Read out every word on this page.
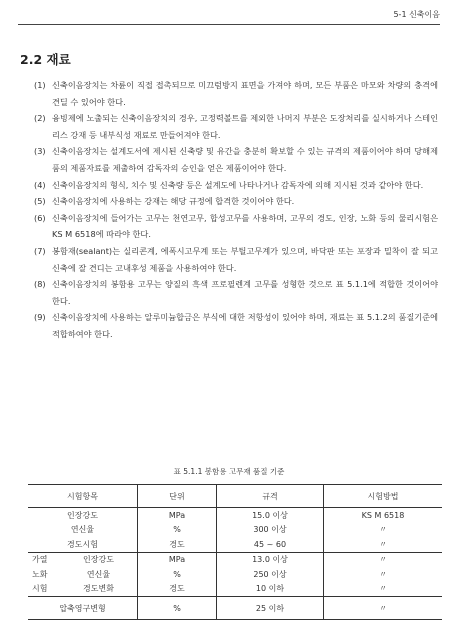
5-1 신축이음
2.2 재료
(1) 신축이음장치는 차륜이 직접 접촉되므로 미끄럼방지 표면을 가져야 하며, 모든 부품은 마모와 차량의 충격에 견딜 수 있어야 한다.
(2) 융빙제에 노출되는 신축이음장치의 경우, 고정력볼트를 제외한 나머지 부분은 도장처리를 실시하거나 스테인리스 강재 등 내부식성 재료로 만들어져야 한다.
(3) 신축이음장치는 설계도서에 제시된 신축량 및 유간을 충분히 확보할 수 있는 규격의 제품이어야 하며 당해제품의 제품자료를 제출하여 감독자의 승인을 얻은 제품이어야 한다.
(4) 신축이음장치의 형식, 치수 및 신축량 등은 설계도에 나타나거나 감독자에 의해 지시된 것과 같아야 한다.
(5) 신축이음장치에 사용하는 강재는 해당 규정에 합격한 것이어야 한다.
(6) 신축이음장치에 들어가는 고무는 천연고무, 합성고무를 사용하며, 고무의 경도, 인장, 노화 등의 물리시험은 KS M 6518에 따라야 한다.
(7) 봉함재(sealant)는 실리콘계, 에폭시고무계 또는 부틸고무계가 있으며, 바닥판 또는 포장과 밀착이 잘 되고 신축에 잘 견디는 고내후성 제품을 사용하여야 한다.
(8) 신축이음장치의 봉함용 고무는 양질의 흑색 프로필렌계 고무를 성형한 것으로 표 5.1.1에 적합한 것이어야 한다.
(9) 신축이음장치에 사용하는 알루미늄합금은 부식에 대한 저항성이 있어야 하며, 재료는 표 5.1.2의 품질기준에 적합하여야 한다.
표 5.1.1 봉함용 고무재 품질 기준
시험항목		단위	규격	시험방법
인장강도		MPa	15.0 이상	KS M 6518
연신율		%	300 이상	〃
경도시험		경도	45 ~ 60	〃
가열	인장강도	MPa	13.0 이상	〃
노화	연신율	%	250 이상	〃
시험	경도변화	경도	10 이하	〃
압축영구변형		%	25 이하	〃
